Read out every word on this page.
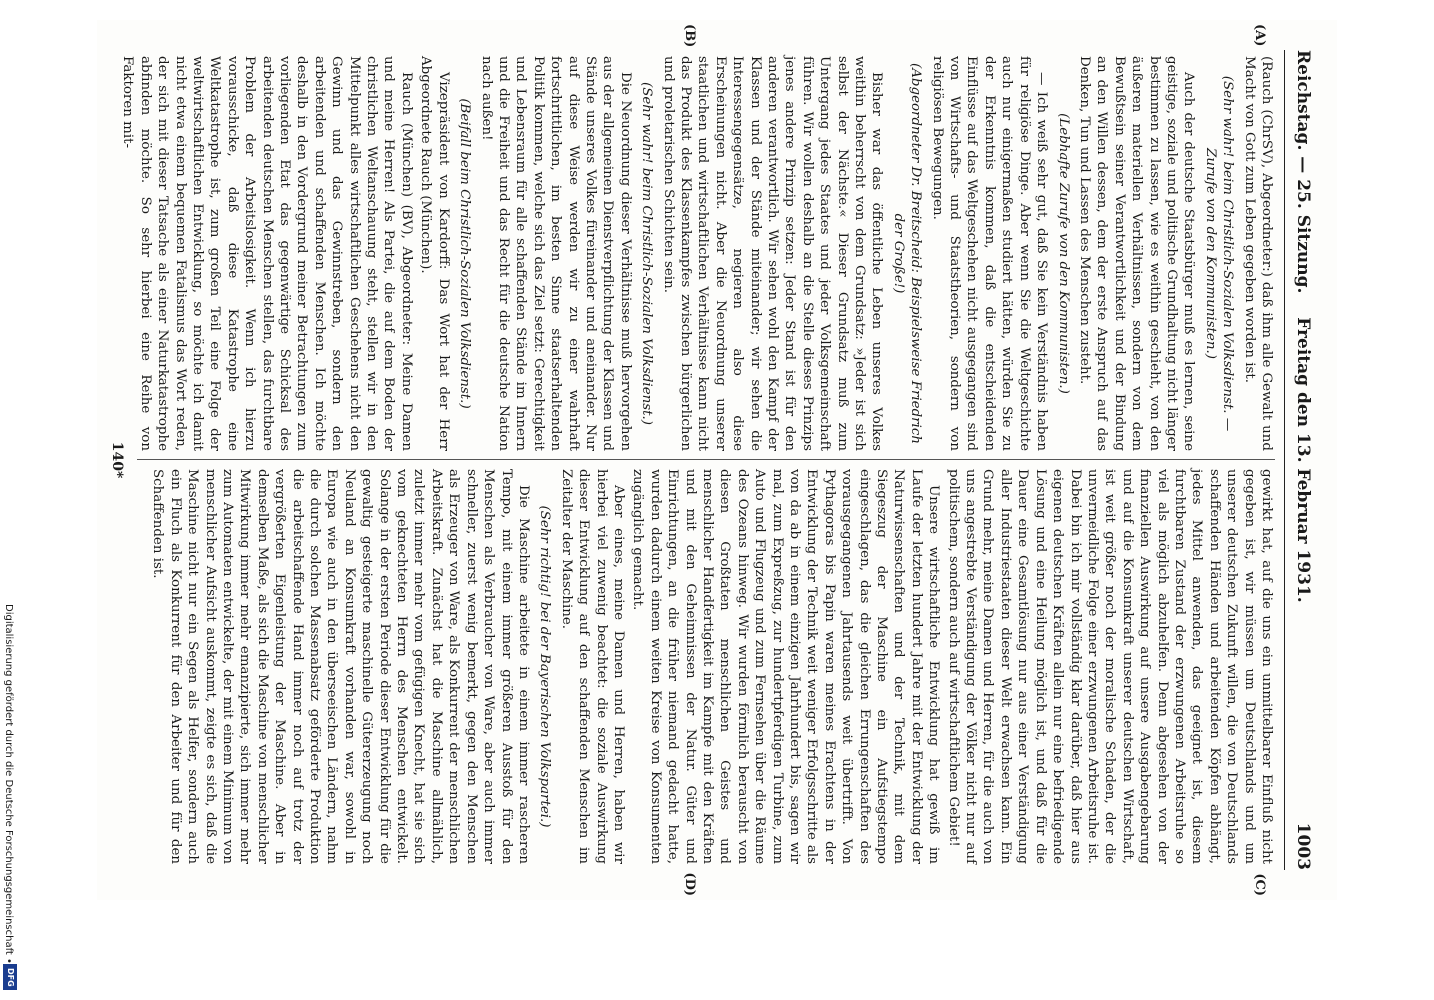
Reichstag. — 25. Sitzung.
Freitag den 13. Februar 1931.
1003
(A)
(B)
(C)
(D)

(Rauch (ChrSV), Abgeordneter:) daß ihm alle Gewalt und Macht von Gott zum Leben gegeben worden ist.

(Sehr wahr! beim Christlich-Sozialen Volksdienst. — Zurufe von den Kommunisten.)

Auch der deutsche Staatsbürger muß es lernen, seine geistige, soziale und politische Grundhaltung nicht länger bestimmen zu lassen, wie es weithin geschieht, von den äußeren materiellen Verhältnissen, sondern von dem Bewußtsein seiner Verantwortlichkeit und der Bindung an den Willen dessen, dem der erste Anspruch auf das Denken, Tun und Lassen des Menschen zusteht.

(Lebhafte Zurufe von den Kommunisten.)

— Ich weiß sehr gut, daß Sie kein Verständnis haben für religiöse Dinge. Aber wenn Sie die Weltgeschichte auch nur einigermaßen studiert hätten, würden Sie zu der Erkenntnis kommen, daß die entscheidenden Einflüsse auf das Weltgeschehen nicht ausgegangen sind von Wirtschafts- und Staatstheorien, sondern von religiösen Bewegungen.

(Abgeordneter Dr. Breitscheid: Beispielsweise Friedrich der Große!)

Bisher war das öffentliche Leben unseres Volkes weithin beherrscht von dem Grundsatz: »Jeder ist sich selbst der Nächste.« Dieser Grundsatz muß zum Untergang jedes Staates und jeder Volksgemeinschaft führen. Wir wollen deshalb an die Stelle dieses Prinzips jenes andere Prinzip setzen: Jeder Stand ist für den anderen verantwortlich. Wir sehen wohl den Kampf der Klassen und der Stände miteinander; wir sehen die Interessengegensätze, negieren also diese Erscheinungen nicht. Aber die Neuordnung unserer staatlichen und wirtschaftlichen Verhältnisse kann nicht das Produkt des Klassenkampfes zwischen bürgerlichen und proletarischen Schichten sein.

(Sehr wahr! beim Christlich-Sozialen Volksdienst.)

Die Neuordnung dieser Verhältnisse muß hervorgehen aus der allgemeinen Dienstverpflichtung der Klassen und Stände unseres Volkes füreinander und aneinander. Nur auf diese Weise werden wir zu einer wahrhaft fortschrittlichen, im besten Sinne staatserhaltenden Politik kommen, welche sich das Ziel setzt: Gerechtigkeit und Lebensraum für alle schaffenden Stände im Innern und die Freiheit und das Recht für die deutsche Nation nach außen!

(Beifall beim Christlich-Sozialen Volksdienst.)

Vizepräsident von Kardorff: Das Wort hat der Herr Abgeordnete Rauch (München).

Rauch (München) (BV), Abgeordneter: Meine Damen und meine Herren! Als Partei, die auf dem Boden der christlichen Weltanschauung steht, stellen wir in den Mittelpunkt alles wirtschaftlichen Geschehens nicht den Gewinn und das Gewinnstreben, sondern den arbeitenden und schaffenden Menschen. Ich möchte deshalb in den Vordergrund meiner Betrachtungen zum vorliegenden Etat das gegenwärtige Schicksal des arbeitenden deutschen Menschen stellen, das furchtbare Problem der Arbeitslosigkeit. Wenn ich hierzu vorausschicke, daß diese Katastrophe eine Weltkatastrophe ist, zum großen Teil eine Folge der weltwirtschaftlichen Entwicklung, so möchte ich damit nicht etwa einem bequemen Fatalismus das Wort reden, der sich mit dieser Tatsache als einer Naturkatastrophe abfinden möchte. So sehr hierbei eine Reihe von Faktoren mit-

gewirkt hat, auf die uns ein unmittelbarer Einfluß nicht gegeben ist, wir müssen um Deutschlands und um unserer deutschen Zukunft willen, die von Deutschlands schaffenden Händen und arbeitenden Köpfen abhängt, jedes Mittel anwenden, das geeignet ist, diesem furchtbaren Zustand der erzwungenen Arbeitsruhe so viel als möglich abzuhelfen. Denn abgesehen von der finanziellen Auswirkung auf unsere Ausgabengebarung und auf die Konsumkraft unserer deutschen Wirtschaft, ist weit größer noch der moralische Schaden, der die unvermeidliche Folge einer erzwungenen Arbeitsruhe ist. Dabei bin ich mir vollständig klar darüber, daß hier aus eigenen deutschen Kräften allein nur eine befriedigende Lösung und eine Heilung möglich ist, und daß für die Dauer eine Gesamtlösung nur aus einer Verständigung aller Industriestaaten dieser Welt erwachsen kann. Ein Grund mehr, meine Damen und Herren, für die auch von uns angestrebte Verständigung der Völker nicht nur auf politischem, sondern auch auf wirtschaftlichem Gebiet!

Unsere wirtschaftliche Entwicklung hat gewiß im Laufe der letzten hundert Jahre mit der Entwicklung der Naturwissenschaften und der Technik, mit dem Siegeszug der Maschine ein Aufstiegstempo eingeschlagen, das die gleichen Errungenschaften des vorausgegangenen Jahrtausends weit übertrifft. Von Pythagoras bis Papin waren meines Erachtens in der Entwicklung der Technik weit weniger Erfolgsschritte als von da ab in einem einzigen Jahrhundert bis, sagen wir mal, zum Expreßzug, zur hundertpferdigen Turbine, zum Auto und Flugzeug und zum Fernsehen über die Räume des Ozeans hinweg. Wir wurden förmlich berauscht von diesen Großtaten menschlichen Geistes und menschlicher Handfertigkeit im Kampfe mit den Kräften und mit den Geheimnissen der Natur. Güter und Einrichtungen, an die früher niemand gedacht hatte, wurden dadurch einem weiten Kreise von Konsumenten zugänglich gemacht.

Aber eines, meine Damen und Herren, haben wir hierbei viel zuwenig beachtet: die soziale Auswirkung dieser Entwicklung auf den schaffenden Menschen im Zeitalter der Maschine.

(Sehr richtig! bei der Bayerischen Volkspartei.)

Die Maschine arbeitete in einem immer rascheren Tempo, mit einem immer größeren Ausstoß für den Menschen als Verbraucher von Ware, aber auch immer schneller, zuerst wenig bemerkt, gegen den Menschen als Erzeuger von Ware, als Konkurrent der menschlichen Arbeitskraft. Zunächst hat die Maschine allmählich, zuletzt immer mehr vom gefügigen Knecht, hat sie sich vom geknechteten Herrn des Menschen entwickelt. Solange in der ersten Periode dieser Entwicklung für die gewaltig gesteigerte maschinelle Gütererzeugung noch Neuland an Konsumkraft vorhanden war, sowohl in Europa wie auch in den überseeischen Ländern, nahm die durch solchen Massenabsatz geförderte Produktion die arbeitschaffende Hand immer noch auf trotz der vergrößerten Eigenleistung der Maschine. Aber in demselben Maße, als sich die Maschine von menschlicher Mitwirkung immer mehr emanzipierte, sich immer mehr zum Automaten entwickelte, der mit einem Minimum von menschlicher Aufsicht auskommt, zeigte es sich, daß die Maschine nicht nur ein Segen als Helfer, sondern auch ein Fluch als Konkurrent für den Arbeiter und für den Schaffenden ist.

140*
Digitalisierung gefördert durch die Deutsche Forschungsgemeinschaft •
DFG
